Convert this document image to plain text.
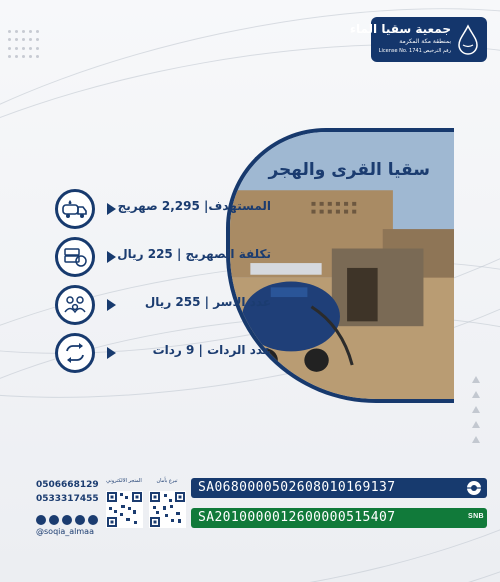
جمعية سقيا الماء
بمنطقة مكة المكرمة
License No. 1741 رقم الترخيص
سقيا القرى والهجر
المستهدف| 2,295 صهريج
تكلفة الصهريج | 225 ريال
عدد الأسر | 255 ريال
عدد الردات | 9 ردات
0506668129
0533317455
@soqia_almaa
المتجر الالكتروني	تبرع بأمان	SA0680000502608010169137
SA2010000012600000515407	SNB
